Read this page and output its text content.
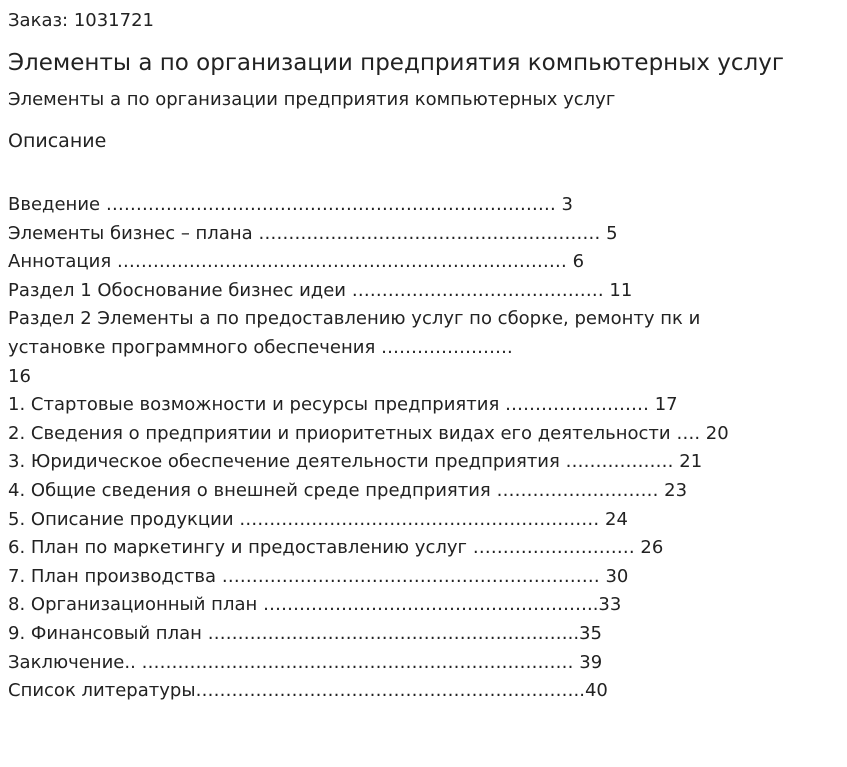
Заказ: 1031721
Элементы а по организации предприятия компьютерных услуг
Элементы а по организации предприятия компьютерных услуг
Описание
Введение ………………………………………………………………… 3
Элементы бизнес – плана ………………………………………………… 5
Аннотация ………………………………………………………………… 6
Раздел 1 Обоснование бизнес идеи …………………………………… 11
Раздел 2 Элементы а по предоставлению услуг по сборке, ремонту пк и установке программного обеспечения ………………….
16
1. Стартовые возможности и ресурсы предприятия …………………… 17
2. Сведения о предприятии и приоритетных видах его деятельности …. 20
3. Юридическое обеспечение деятельности предприятия ……………… 21
4. Общие сведения о внешней среде предприятия ……………………… 23
5. Описание продукции …………………………………………………… 24
6. План по маркетингу и предоставлению услуг ……………………… 26
7. План производства ……………………………………………………… 30
8. Организационный план ………………………………………………..33
9. Финансовый план ……………………………………………………..35
Заключение.. ……………………………………………………………… 39
Список литературы………………………………………………………..40
